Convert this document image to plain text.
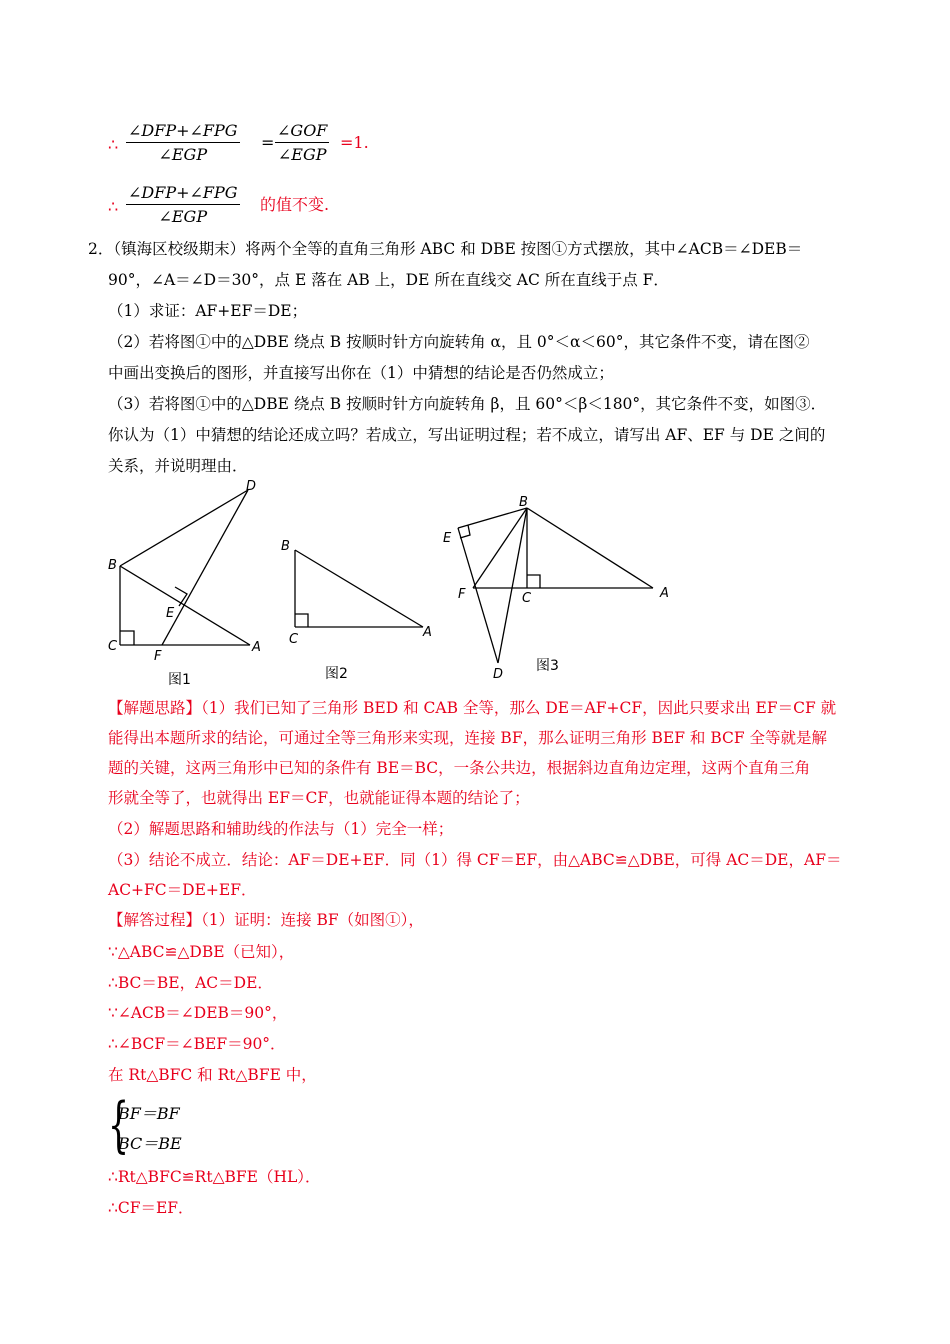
∴
∠DFP+∠FPG
∠EGP
=
∠GOF
∠EGP
=1.
∴
∠DFP+∠FPG
∠EGP
的值不变.
2．（镇海区校级期末）将两个全等的直角三角形 ABC 和 DBE 按图①方式摆放，其中∠ACB＝∠DEB＝
90°，∠A＝∠D＝30°，点 E 落在 AB 上，DE 所在直线交 AC 所在直线于点 F．
（1）求证：AF+EF＝DE；
（2）若将图①中的△DBE 绕点 B 按顺时针方向旋转角 α，且 0°＜α＜60°，其它条件不变，请在图②
中画出变换后的图形，并直接写出你在（1）中猜想的结论是否仍然成立；
（3）若将图①中的△DBE 绕点 B 按顺时针方向旋转角 β，且 60°＜β＜180°，其它条件不变，如图③．
你认为（1）中猜想的结论还成立吗？若成立，写出证明过程；若不成立，请写出 AF、EF 与 DE 之间的
关系，并说明理由．
B
C	A
D
E
F
图1
B
C	A
图2
B
E
F	C	A
D
图3
【解题思路】（1）我们已知了三角形 BED 和 CAB 全等，那么 DE＝AF+CF，因此只要求出 EF＝CF 就
能得出本题所求的结论，可通过全等三角形来实现，连接 BF，那么证明三角形 BEF 和 BCF 全等就是解
题的关键，这两三角形中已知的条件有 BE＝BC，一条公共边，根据斜边直角边定理，这两个直角三角
形就全等了，也就得出 EF＝CF，也就能证得本题的结论了；
（2）解题思路和辅助线的作法与（1）完全一样；
（3）结论不成立．结论：AF＝DE+EF．同（1）得 CF＝EF，由△ABC≌△DBE，可得 AC＝DE，AF＝
AC+FC＝DE+EF．
【解答过程】（1）证明：连接 BF（如图①），
∵△ABC≌△DBE（已知），
∴BC＝BE，AC＝DE．
∵∠ACB＝∠DEB＝90°，
∴∠BCF＝∠BEF＝90°．
在 Rt△BFC 和 Rt△BFE 中，
{
BF＝BF
BC＝BE
∴Rt△BFC≌Rt△BFE（HL）．
∴CF＝EF．
